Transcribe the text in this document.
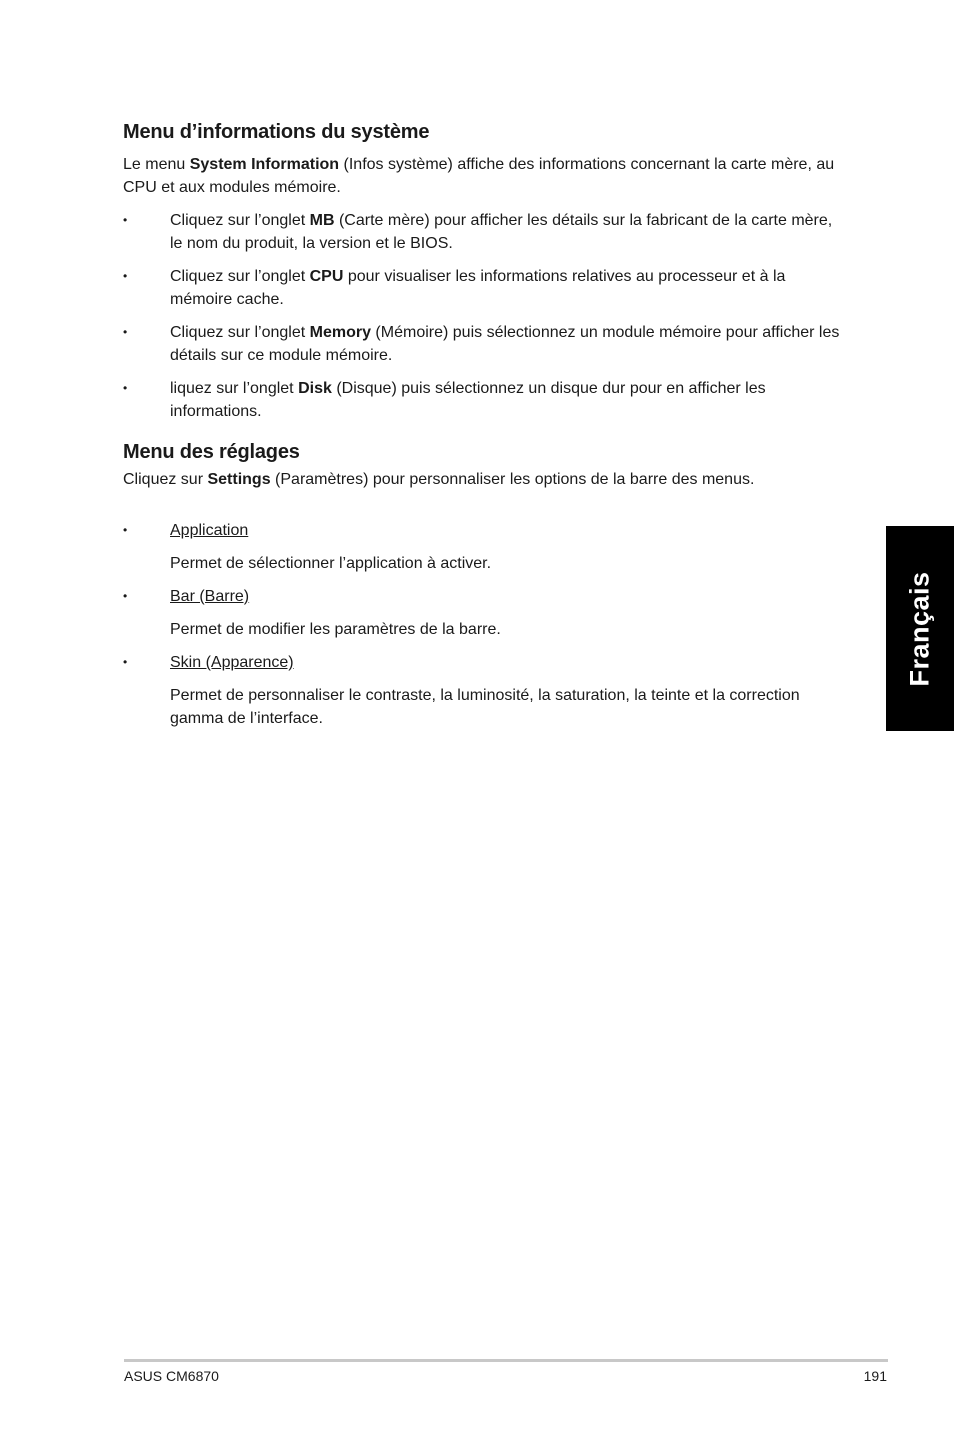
Menu d’informations du système

Le menu System Information (Infos système) affiche des informations concernant la carte mère, au CPU et aux modules mémoire.

•	Cliquez sur l’onglet MB (Carte mère) pour afficher les détails sur la fabricant de la carte mère, le nom du produit, la version et le BIOS.
•	Cliquez sur l’onglet CPU pour visualiser les informations relatives au processeur et à la mémoire cache.
•	Cliquez sur l’onglet Memory (Mémoire) puis sélectionnez un module mémoire pour afficher les détails sur ce module mémoire.
•	liquez sur l’onglet Disk (Disque) puis sélectionnez un disque dur pour en afficher les informations.
Menu des réglages

Cliquez sur Settings (Paramètres) pour personnaliser les options de la barre des menus.

•	Application
Permet de sélectionner l’application à activer.
•	Bar (Barre)
Permet de modifier les paramètres de la barre.
•	Skin (Apparence)
Permet de personnaliser le contraste, la luminosité, la saturation, la teinte et la correction gamma de l’interface.
Français
ASUS CM6870	191
